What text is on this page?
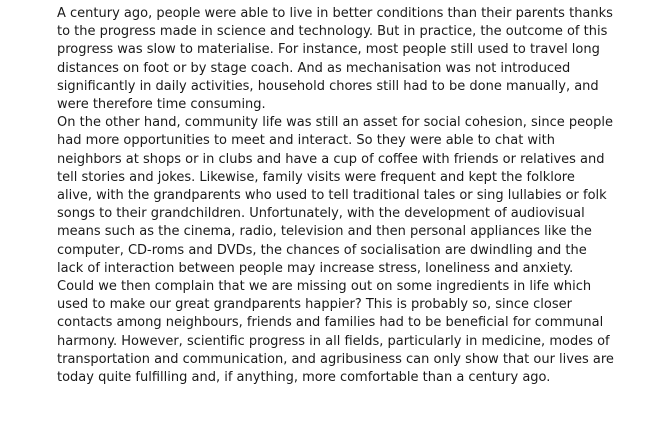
A century ago, people were able to live in better conditions than their parents thanks
to the progress made in science and technology. But in practice, the outcome of this
progress was slow to materialise. For instance, most people still used to travel long
distances on foot or by stage coach. And as mechanisation was not introduced
significantly in daily activities, household chores still had to be done manually, and
were therefore time consuming.

On the other hand, community life was still an asset for social cohesion, since people
had more opportunities to meet and interact. So they were able to chat with
neighbors at shops or in clubs and have a cup of coffee with friends or relatives and
tell stories and jokes. Likewise, family visits were frequent and kept the folklore
alive, with the grandparents who used to tell traditional tales or sing lullabies or folk
songs to their grandchildren. Unfortunately, with the development of audiovisual
means such as the cinema, radio, television and then personal appliances like the
computer, CD-roms and DVDs, the chances of socialisation are dwindling and the
lack of interaction between people may increase stress, loneliness and anxiety.

Could we then complain that we are missing out on some ingredients in life which
used to make our great grandparents happier? This is probably so, since closer
contacts among neighbours, friends and families had to be beneficial for communal
harmony. However, scientific progress in all fields, particularly in medicine, modes of
transportation and communication, and agribusiness can only show that our lives are
today quite fulfilling and, if anything, more comfortable than a century ago.
